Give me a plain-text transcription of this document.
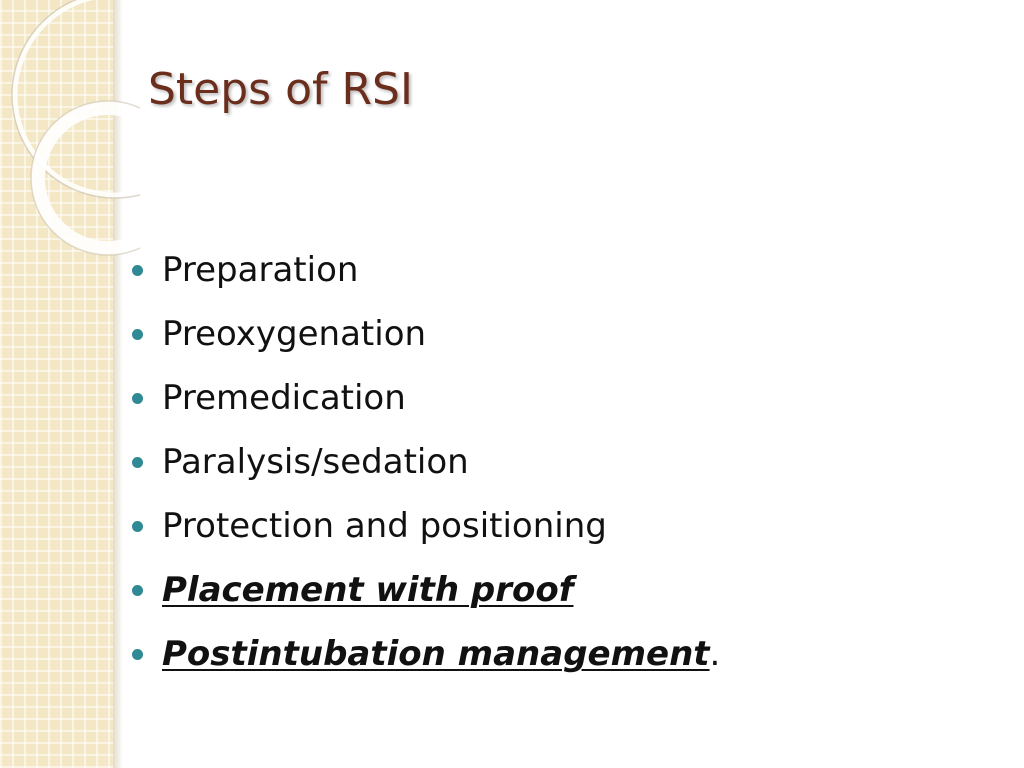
Steps of RSI
Preparation
Preoxygenation
Premedication
Paralysis/sedation
Protection and positioning
Placement with proof
Postintubation management .
